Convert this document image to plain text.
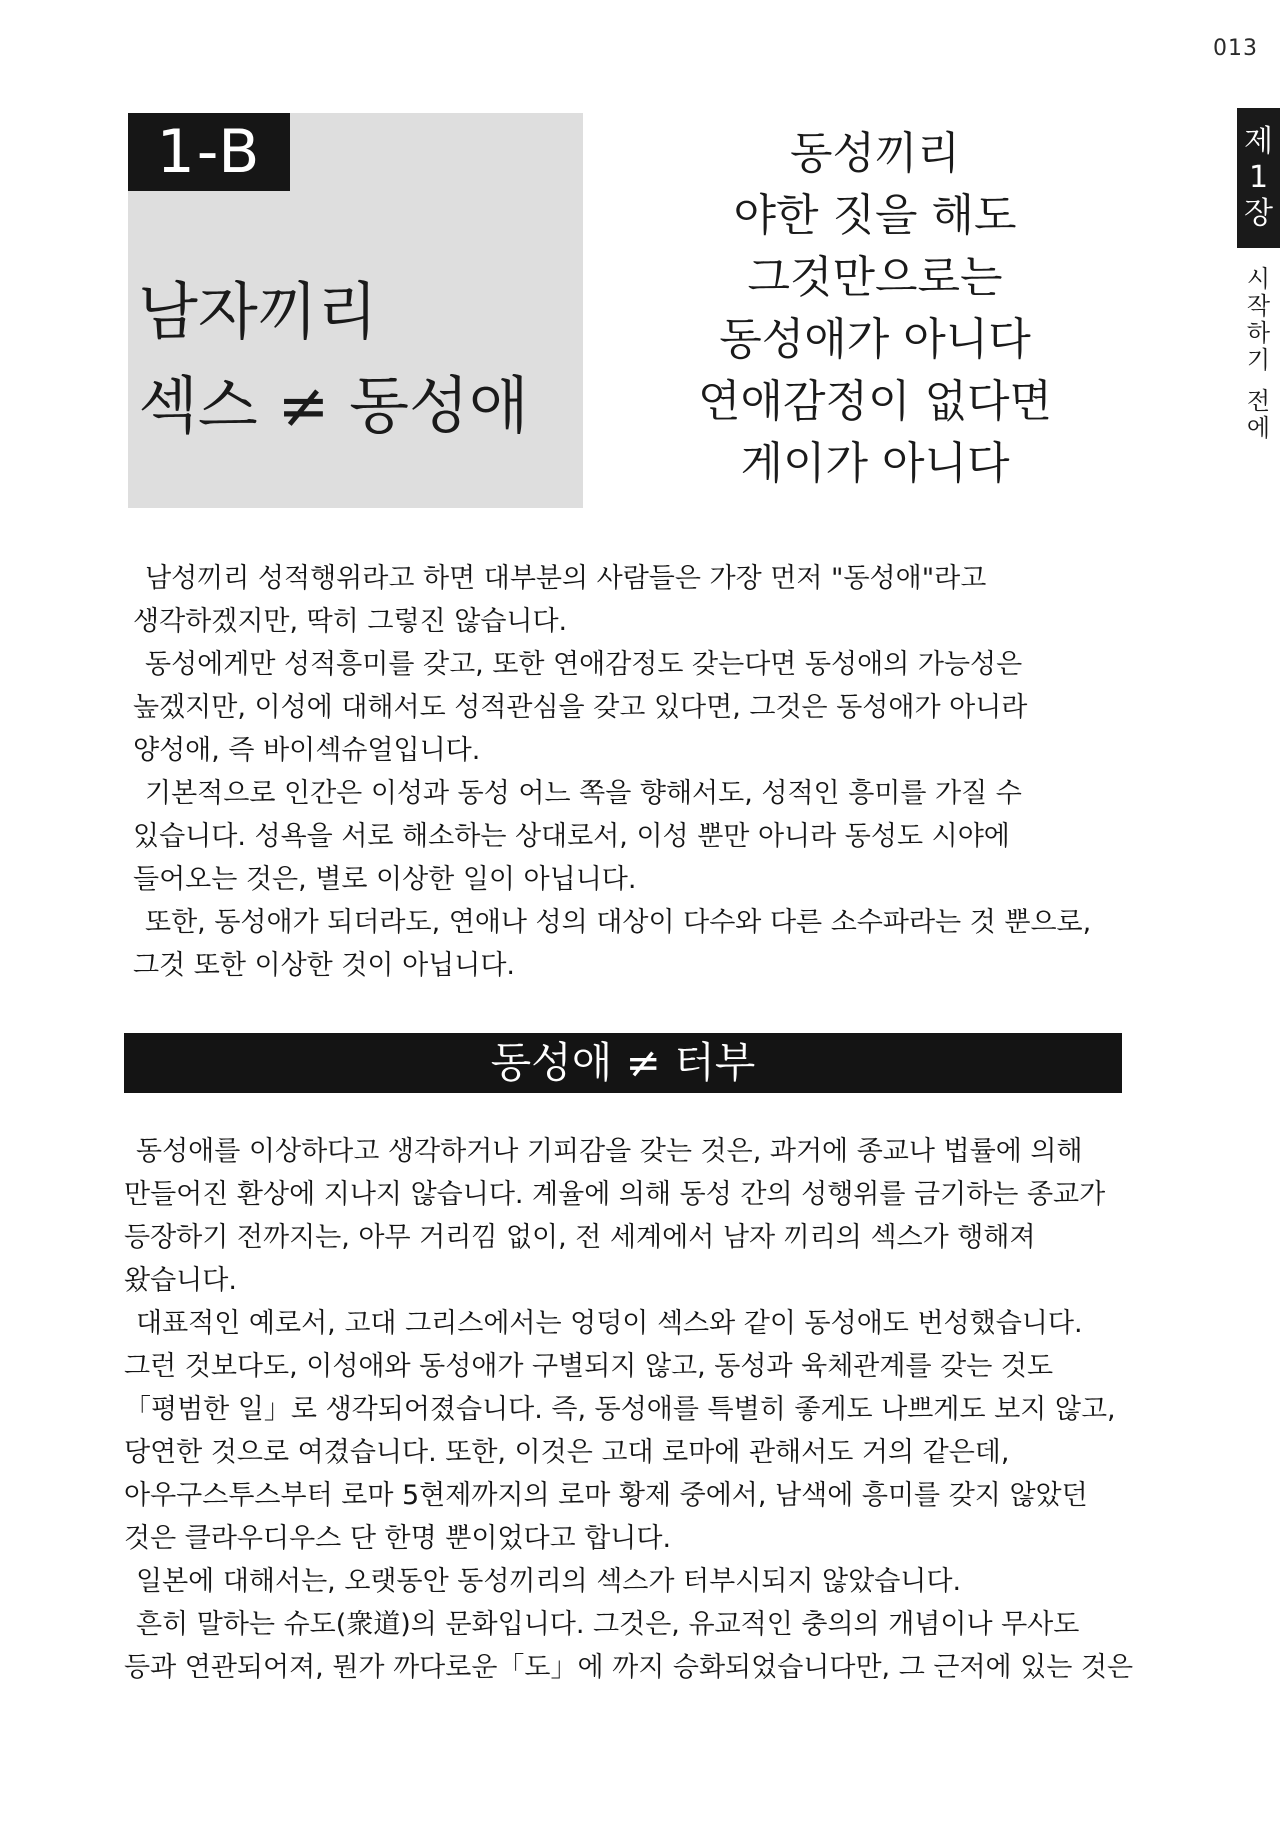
013
제
1
장
시
작
하
기
전
에
1-B
남자끼리
섹스 ≠ 동성애
동성끼리
야한 짓을 해도
그것만으로는
동성애가 아니다
연애감정이 없다면
게이가 아니다

남성끼리 성적행위라고 하면 대부분의 사람들은 가장 먼저 "동성애"라고

생각하겠지만, 딱히 그렇진 않습니다.

동성에게만 성적흥미를 갖고, 또한 연애감정도 갖는다면 동성애의 가능성은

높겠지만, 이성에 대해서도 성적관심을 갖고 있다면, 그것은 동성애가 아니라

양성애, 즉 바이섹슈얼입니다.

기본적으로 인간은 이성과 동성 어느 쪽을 향해서도, 성적인 흥미를 가질 수

있습니다. 성욕을 서로 해소하는 상대로서, 이성 뿐만 아니라 동성도 시야에

들어오는 것은, 별로 이상한 일이 아닙니다.

또한, 동성애가 되더라도, 연애나 성의 대상이 다수와 다른 소수파라는 것 뿐으로,

그것 또한 이상한 것이 아닙니다.

동성애 ≠ 터부

동성애를 이상하다고 생각하거나 기피감을 갖는 것은, 과거에 종교나 법률에 의해

만들어진 환상에 지나지 않습니다. 계율에 의해 동성 간의 성행위를 금기하는 종교가

등장하기 전까지는, 아무 거리낌 없이, 전 세계에서 남자 끼리의 섹스가 행해져

왔습니다.

대표적인 예로서, 고대 그리스에서는 엉덩이 섹스와 같이 동성애도 번성했습니다.

그런 것보다도, 이성애와 동성애가 구별되지 않고, 동성과 육체관계를 갖는 것도

「평범한 일」로 생각되어졌습니다. 즉, 동성애를 특별히 좋게도 나쁘게도 보지 않고,

당연한 것으로 여겼습니다. 또한, 이것은 고대 로마에 관해서도 거의 같은데,

아우구스투스부터 로마 5현제까지의 로마 황제 중에서, 남색에 흥미를 갖지 않았던

것은 클라우디우스 단 한명 뿐이었다고 합니다.

일본에 대해서는, 오랫동안 동성끼리의 섹스가 터부시되지 않았습니다.

흔히 말하는 슈도(衆道)의 문화입니다. 그것은, 유교적인 충의의 개념이나 무사도

등과 연관되어져, 뭔가 까다로운「도」에 까지 승화되었습니다만, 그 근저에 있는 것은
